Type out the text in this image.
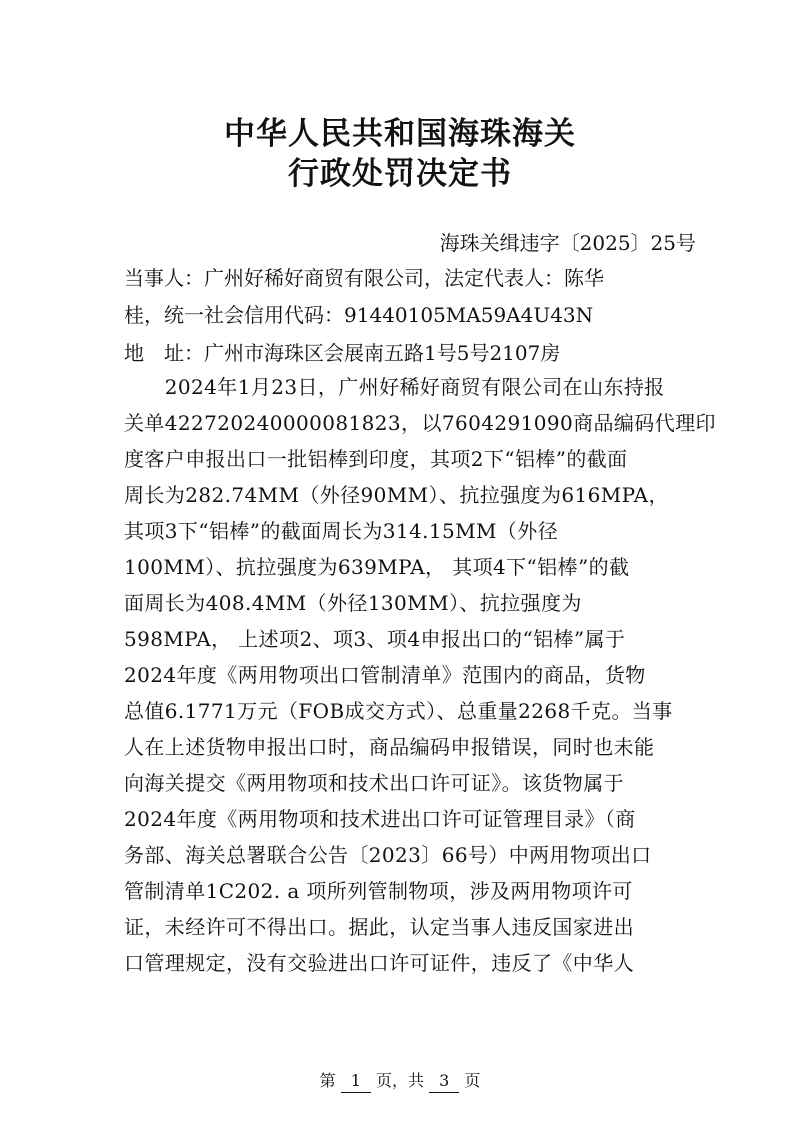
中华人民共和国海珠海关
行政处罚决定书
海珠关缉违字〔2025〕25号
当事人：广州好稀好商贸有限公司，法定代表人：陈华
桂，统一社会信用代码：91440105MA59A4U43N
地　址：广州市海珠区会展南五路1号5号2107房
　　2024年1月23日，广州好稀好商贸有限公司在山东持报
关单422720240000081823，以7604291090商品编码代理印
度客户申报出口一批铝棒到印度，其项2下“铝棒”的截面
周长为282.74MM（外径90MM）、抗拉强度为616MPA，
其项3下“铝棒”的截面周长为314.15MM（外径
100MM）、抗拉强度为639MPA， 其项4下“铝棒”的截
面周长为408.4MM（外径130MM）、抗拉强度为
598MPA， 上述项2、项3、项4申报出口的“铝棒”属于
2024年度《两用物项出口管制清单》范围内的商品，货物
总值6.1771万元（FOB成交方式）、总重量2268千克。当事
人在上述货物申报出口时，商品编码申报错误，同时也未能
向海关提交《两用物项和技术出口许可证》。该货物属于
2024年度《两用物项和技术进出口许可证管理目录》（商
务部、海关总署联合公告〔2023〕66号）中两用物项出口
管制清单1C202. a 项所列管制物项，涉及两用物项许可
证，未经许可不得出口。据此，认定当事人违反国家进出
口管理规定，没有交验进出口许可证件，违反了《中华人
第 1 页，共 3 页
